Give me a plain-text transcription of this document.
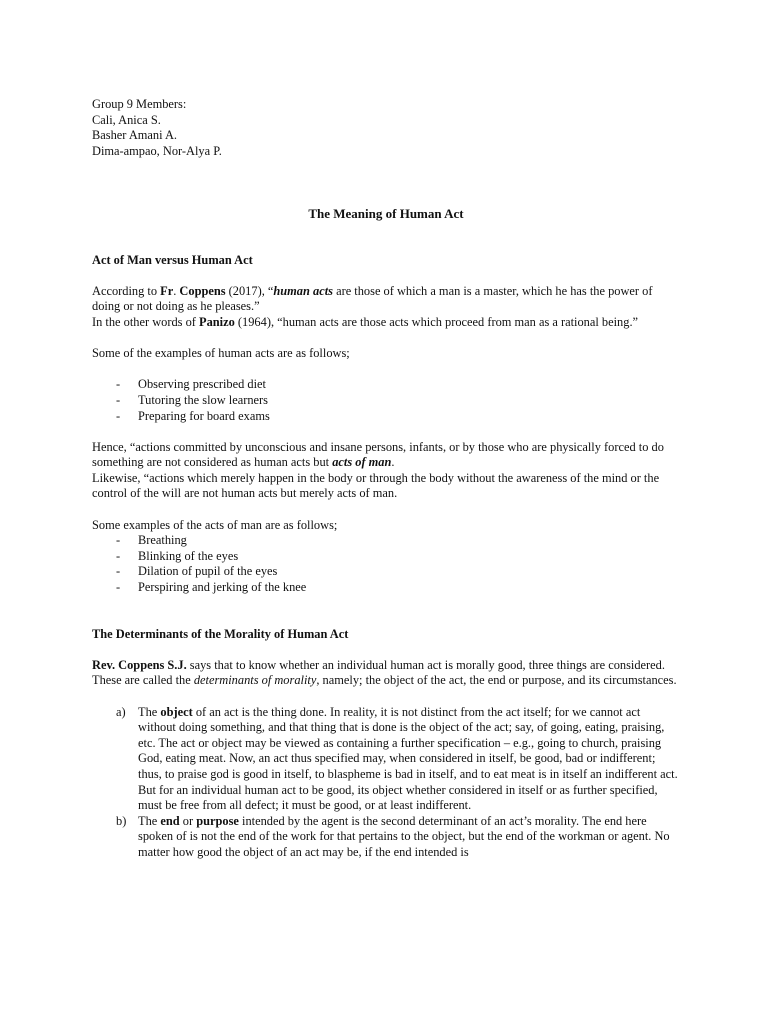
Group 9 Members:

Cali, Anica S.

Basher Amani A.

Dima-ampao, Nor-Alya P.

The Meaning of Human Act

Act of Man versus Human Act

According to Fr. Coppens (2017), “human acts are those of which a man is a master, which he has the power of doing or not doing as he pleases.”

In the other words of Panizo (1964), “human acts are those acts which proceed from man as a rational being.”

Some of the examples of human acts are as follows;

- Observing prescribed diet
- Tutoring the slow learners
- Preparing for board exams

Hence, “actions committed by unconscious and insane persons, infants, or by those who are physically forced to do something are not considered as human acts but acts of man.

Likewise, “actions which merely happen in the body or through the body without the awareness of the mind or the control of the will are not human acts but merely acts of man.

Some examples of the acts of man are as follows;

- Breathing
- Blinking of the eyes
- Dilation of pupil of the eyes
- Perspiring and jerking of the knee

The Determinants of the Morality of Human Act

Rev. Coppens S.J. says that to know whether an individual human act is morally good, three things are considered. These are called the determinants of morality, namely; the object of the act, the end or purpose, and its circumstances.

a) The object of an act is the thing done. In reality, it is not distinct from the act itself; for we cannot act without doing something, and that thing that is done is the object of the act; say, of going, eating, praising, etc. The act or object may be viewed as containing a further specification – e.g., going to church, praising God, eating meat. Now, an act thus specified may, when considered in itself, be good, bad or indifferent; thus, to praise god is good in itself, to blaspheme is bad in itself, and to eat meat is in itself an indifferent act. But for an individual human act to be good, its object whether considered in itself or as further specified, must be free from all defect; it must be good, or at least indifferent.
b) The end or purpose intended by the agent is the second determinant of an act’s morality. The end here spoken of is not the end of the work for that pertains to the object, but the end of the workman or agent. No matter how good the object of an act may be, if the end intended is
